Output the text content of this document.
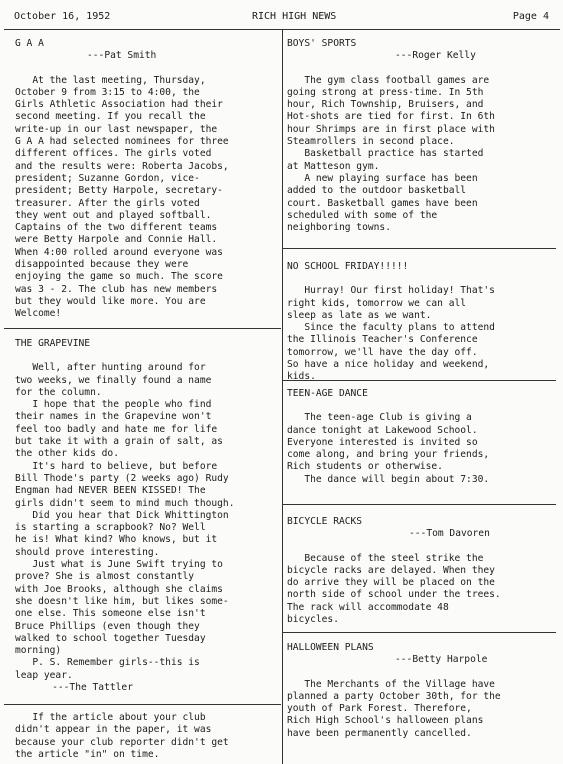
October 16, 1952	RICH HIGH NEWS	Page 4

G A A

---Pat Smith

At the last meeting, Thursday,
October 9 from 3:15 to 4:00, the
Girls Athletic Association had their
second meeting. If you recall the
write-up in our last newspaper, the
G A A had selected nominees for three
different offices. The girls voted
and the results were: Roberta Jacobs,
president; Suzanne Gordon, vice-
president; Betty Harpole, secretary-
treasurer. After the girls voted
they went out and played softball.
Captains of the two different teams
were Betty Harpole and Connie Hall.
When 4:00 rolled around everyone was
disappointed because they were
enjoying the game so much. The score
was 3 - 2. The club has new members
but they would like more. You are
Welcome!

THE GRAPEVINE

Well, after hunting around for
two weeks, we finally found a name
for the column.
I hope that the people who find
their names in the Grapevine won't
feel too badly and hate me for life
but take it with a grain of salt, as
the other kids do.
It's hard to believe, but before
Bill Thode's party (2 weeks ago) Rudy
Engman had NEVER BEEN KISSED! The
girls didn't seem to mind much though.
Did you hear that Dick Whittington
is starting a scrapbook? No? Well
he is! What kind? Who knows, but it
should prove interesting.
Just what is June Swift trying to
prove? She is almost constantly
with Joe Brooks, although she claims
she doesn't like him, but likes some-
one else. This someone else isn't
Bruce Phillips (even though they
walked to school together Tuesday
morning)
P. S. Remember girls--this is
leap year.

---The Tattler

If the article about your club
didn't appear in the paper, it was
because your club reporter didn't get
the article "in" on time.

BOYS' SPORTS

---Roger Kelly

The gym class football games are
going strong at press-time. In 5th
hour, Rich Township, Bruisers, and
Hot-shots are tied for first. In 6th
hour Shrimps are in first place with
Steamrollers in second place.
Basketball practice has started
at Matteson gym.
A new playing surface has been
added to the outdoor basketball
court. Basketball games have been
scheduled with some of the
neighboring towns.

NO SCHOOL FRIDAY!!!!!

Hurray! Our first holiday! That's
right kids, tomorrow we can all
sleep as late as we want.
Since the faculty plans to attend
the Illinois Teacher's Conference
tomorrow, we'll have the day off.
So have a nice holiday and weekend,
kids.

TEEN-AGE DANCE

The teen-age Club is giving a
dance tonight at Lakewood School.
Everyone interested is invited so
come along, and bring your friends,
Rich students or otherwise.
The dance will begin about 7:30.

BICYCLE RACKS

---Tom Davoren

Because of the steel strike the
bicycle racks are delayed. When they
do arrive they will be placed on the
north side of school under the trees.
The rack will accommodate 48
bicycles.

HALLOWEEN PLANS

---Betty Harpole

The Merchants of the Village have
planned a party October 30th, for the
youth of Park Forest. Therefore,
Rich High School's halloween plans
have been permanently cancelled.
